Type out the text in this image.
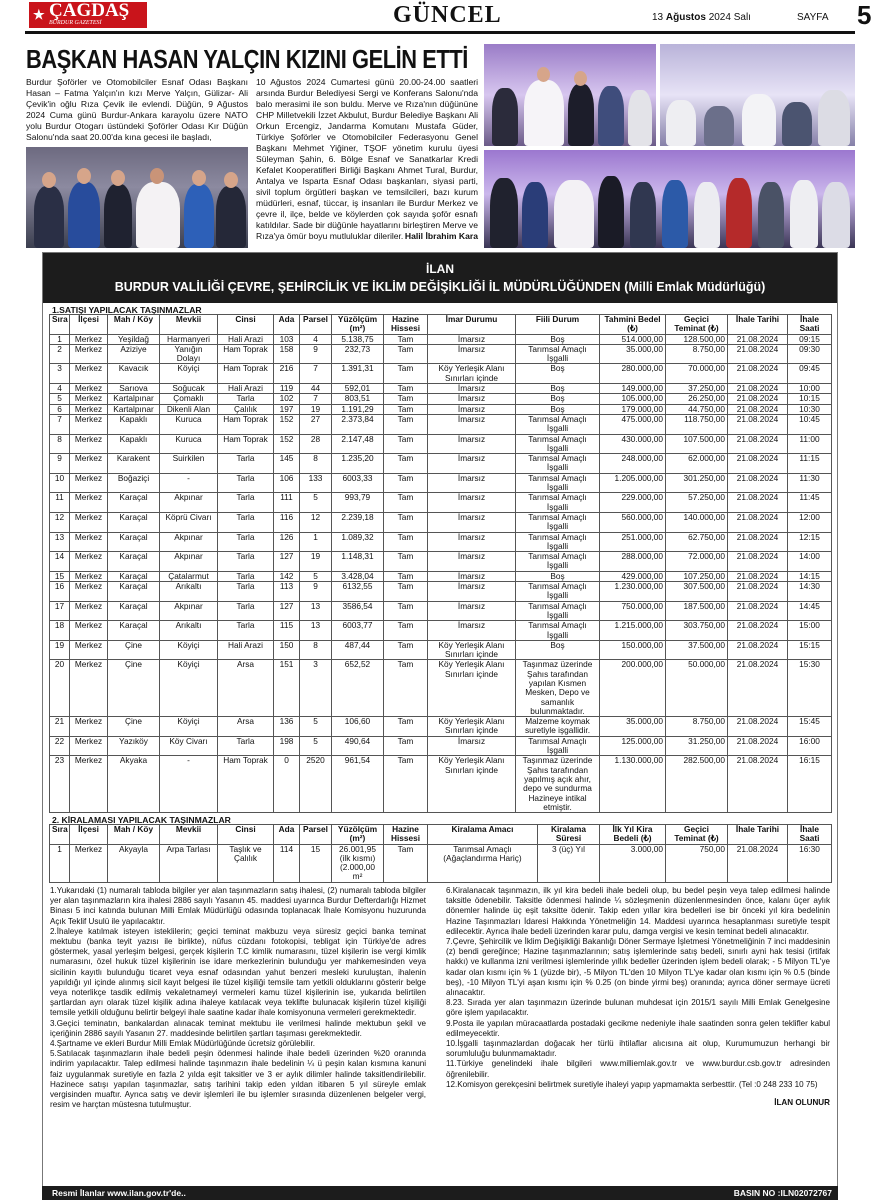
★ ÇAĞDAŞ
BURDUR GAZETESİ	GÜNCEL	13 Ağustos 2024 Salı	SAYFA 5
BAŞKAN HASAN YALÇIN KIZINI GELİN ETTİ
Burdur Şoförler ve Otomobilciler Esnaf Odası Başkanı Hasan – Fatma Yalçın'ın kızı Merve Yalçın, Gülizar- Ali Çevik'in oğlu Rıza Çevik ile evlendi. Düğün, 9 Ağustos 2024 Cuma günü Burdur-Ankara karayolu üzere NATO yolu Burdur Otogarı üstündeki Şoförler Odası Kır Düğün Salonu'nda saat 20.00'da kına gecesi ile başladı,
10 Ağustos 2024 Cumartesi günü 20.00-24.00 saatleri arsında Burdur Belediyesi Sergi ve Konferans Salonu'nda balo merasimi ile son buldu. Merve ve Rıza'nın düğününe CHP Milletvekili İzzet Akbulut, Burdur Belediye Başkanı Ali Orkun Ercengiz, Jandarma Komutanı Mustafa Güder, Türkiye Şoförler ve Otomobilciler Federasyonu Genel Başkanı Mehmet Yiğiner, TŞOF yönetim kurulu üyesi Süleyman Şahin, 6. Bölge Esnaf ve Sanatkarlar Kredi Kefalet Kooperatifleri Birliği Başkanı Ahmet Tural, Burdur, Antalya ve Isparta Esnaf Odası başkanları, siyasi parti, sivil toplum örgütleri başkan ve temsilcileri, bazı kurum müdürleri, esnaf, tüccar, iş insanları ile Burdur Merkez ve çevre il, ilçe, belde ve köylerden çok sayıda şoför esnafı katıldılar. Sade bir düğünle hayatlarını birleştiren Merve ve Rıza'ya ömür boyu mutluluklar dileriler. Halil İbrahim Kara
İLAN
BURDUR VALİLİĞİ ÇEVRE, ŞEHİRCİLİK VE İKLİM DEĞİŞİKLİĞİ İL MÜDÜRLÜĞÜNDEN (Milli Emlak Müdürlüğü)
1.SATIŞI YAPILACAK TAŞINMAZLAR
Sıra	İlçesi	Mah / Köy	Mevkii	Cinsi	Ada	Parsel	Yüzölçüm (m²)	Hazine Hissesi	İmar Durumu	Fiili Durum	Tahmini Bedel (₺)	Geçici Teminat (₺)	İhale Tarihi	İhale Saati
1	Merkez	Yeşildağ	Harmanyeri	Hali Arazi	103	4	5.138,75	Tam	İmarsız	Boş	514.000,00	128.500,00	21.08.2024	09:15
2	Merkez	Aziziye	Yanığın Dolayı	Ham Toprak	158	9	232,73	Tam	İmarsız	Tarımsal Amaçlı İşgalli	35.000,00	8.750,00	21.08.2024	09:30
3	Merkez	Kavacık	Köyiçi	Ham Toprak	216	7	1.391,31	Tam	Köy Yerleşik Alanı Sınırları içinde	Boş	280.000,00	70.000,00	21.08.2024	09:45
4	Merkez	Sarıova	Soğucak	Hali Arazi	119	44	592,01	Tam	İmarsız	Boş	149.000,00	37.250,00	21.08.2024	10:00
5	Merkez	Kartalpınar	Çomaklı	Tarla	102	7	803,51	Tam	İmarsız	Boş	105.000,00	26.250,00	21.08.2024	10:15
6	Merkez	Kartalpınar	Dikenli Alan	Çalılık	197	19	1.191,29	Tam	İmarsız	Boş	179.000,00	44.750,00	21.08.2024	10:30
7	Merkez	Kapaklı	Kuruca	Ham Toprak	152	27	2.373,84	Tam	İmarsız	Tarımsal Amaçlı İşgalli	475.000,00	118.750,00	21.08.2024	10:45
8	Merkez	Kapaklı	Kuruca	Ham Toprak	152	28	2.147,48	Tam	İmarsız	Tarımsal Amaçlı İşgalli	430.000,00	107.500,00	21.08.2024	11:00
9	Merkez	Karakent	Suirkilen	Tarla	145	8	1.235,20	Tam	İmarsız	Tarımsal Amaçlı İşgalli	248.000,00	62.000,00	21.08.2024	11:15
10	Merkez	Boğaziçi	-	Tarla	106	133	6003,33	Tam	İmarsız	Tarımsal Amaçlı İşgalli	1.205.000,00	301.250,00	21.08.2024	11:30
11	Merkez	Karaçal	Akpınar	Tarla	111	5	993,79	Tam	İmarsız	Tarımsal Amaçlı İşgalli	229.000,00	57.250,00	21.08.2024	11:45
12	Merkez	Karaçal	Köprü Civarı	Tarla	116	12	2.239,18	Tam	İmarsız	Tarımsal Amaçlı İşgalli	560.000,00	140.000,00	21.08.2024	12:00
13	Merkez	Karaçal	Akpınar	Tarla	126	1	1.089,32	Tam	İmarsız	Tarımsal Amaçlı İşgalli	251.000,00	62.750,00	21.08.2024	12:15
14	Merkez	Karaçal	Akpınar	Tarla	127	19	1.148,31	Tam	İmarsız	Tarımsal Amaçlı İşgalli	288.000,00	72.000,00	21.08.2024	14:00
15	Merkez	Karaçal	Çatalarmut	Tarla	142	5	3.428,04	Tam	İmarsız	Boş	429.000,00	107.250,00	21.08.2024	14:15
16	Merkez	Karaçal	Arıkaltı	Tarla	113	9	6132,55	Tam	İmarsız	Tarımsal Amaçlı İşgalli	1.230.000,00	307.500,00	21.08.2024	14:30
17	Merkez	Karaçal	Akpınar	Tarla	127	13	3586,54	Tam	İmarsız	Tarımsal Amaçlı İşgalli	750.000,00	187.500,00	21.08.2024	14:45
18	Merkez	Karaçal	Arıkaltı	Tarla	115	13	6003,77	Tam	İmarsız	Tarımsal Amaçlı İşgalli	1.215.000,00	303.750,00	21.08.2024	15:00
19	Merkez	Çine	Köyiçi	Hali Arazi	150	8	487,44	Tam	Köy Yerleşik Alanı Sınırları içinde	Boş	150.000,00	37.500,00	21.08.2024	15:15
20	Merkez	Çine	Köyiçi	Arsa	151	3	652,52	Tam	Köy Yerleşik Alanı Sınırları içinde	Taşınmaz üzerinde Şahıs tarafından yapılan Kısmen Mesken, Depo ve samanlık bulunmaktadır.	200.000,00	50.000,00	21.08.2024	15:30
21	Merkez	Çine	Köyiçi	Arsa	136	5	106,60	Tam	Köy Yerleşik Alanı Sınırları içinde	Malzeme koymak suretiyle işgallidir.	35.000,00	8.750,00	21.08.2024	15:45
22	Merkez	Yazıköy	Köy Civarı	Tarla	198	5	490,64	Tam	İmarsız	Tarımsal Amaçlı İşgalli	125.000,00	31.250,00	21.08.2024	16:00
23	Merkez	Akyaka	-	Ham Toprak	0	2520	961,54	Tam	Köy Yerleşik Alanı Sınırları içinde	Taşınmaz üzerinde Şahıs tarafından yapılmış açık ahır, depo ve sundurma Hazineye intikal etmiştir.	1.130.000,00	282.500,00	21.08.2024	16:15
2. KİRALAMASI YAPILACAK TAŞINMAZLAR
Sıra	İlçesi	Mah / Köy	Mevkii	Cinsi	Ada	Parsel	Yüzölçüm (m²)	Hazine Hissesi	Kiralama Amacı	Kiralama Süresi	İlk Yıl Kira Bedeli (₺)	Geçici Teminat (₺)	İhale Tarihi	İhale Saati
1	Merkez	Akyayla	Arpa Tarlası	Taşlık ve Çalılık	114	15	26.001,95 (ilk kısmı) (2.000,00 m²	Tam	Tarımsal Amaçlı (Ağaçlandırma Hariç)	3 (üç) Yıl	3.000,00	750,00	21.08.2024	16:30

1.Yukarıdaki (1) numaralı tabloda bilgiler yer alan taşınmazların satış ihalesi, (2) numaralı tabloda bilgiler yer alan taşınmazların kira ihalesi 2886 sayılı Yasanın 45. maddesi uyarınca Burdur Defterdarlığı Hizmet Binası 5 inci katında bulunan Milli Emlak Müdürlüğü odasında toplanacak İhale Komisyonu huzurunda Açık Teklif Usulü ile yapılacaktır.

2.İhaleye katılmak isteyen isteklilerin; geçici teminat makbuzu veya süresiz geçici banka teminat mektubu (banka teyit yazısı ile birlikte), nüfus cüzdanı fotokopisi, tebligat için Türkiye'de adres göstermek, yasal yerleşim belgesi, gerçek kişilerin T.C kimlik numarasını, tüzel kişilerin ise vergi kimlik numarasını, özel hukuk tüzel kişilerinin ise idare merkezlerinin bulunduğu yer mahkemesinden veya sicilinin kayıtlı bulunduğu ticaret veya esnaf odasından yahut benzeri mesleki kuruluştan, ihalenin yapıldığı yıl içinde alınmış sicil kayıt belgesi ile tüzel kişiliği temsile tam yetkili olduklarını gösterir belge veya noterlikçe tasdik edilmiş vekaletnameyi vermeleri kamu tüzel kişilerinin ise, yukarıda belirtilen şartlardan ayrı olarak tüzel kişilik adına ihaleye katılacak veya teklifte bulunacak kişilerin tüzel kişiliği temsile yetkili olduğunu belirtir belgeyi ihale saatine kadar ihale komisyonuna vermeleri gerekmektedir.

3.Geçici teminatın, bankalardan alınacak teminat mektubu ile verilmesi halinde mektubun şekil ve içeriğinin 2886 sayılı Yasanın 27. maddesinde belirtilen şartları taşıması gerekmektedir.

4.Şartname ve ekleri Burdur Milli Emlak Müdürlüğünde ücretsiz görülebilir.

5.Satılacak taşınmazların ihale bedeli peşin ödenmesi halinde ihale bedeli üzerinden %20 oranında indirim yapılacaktır. Talep edilmesi halinde taşınmazın ihale bedelinin ¼ ü peşin kalan kısmına kanuni faiz uygulanmak suretiyle en fazla 2 yılda eşit taksitler ve 3 er aylık dilimler halinde taksitlendirilebilir. Hazinece satışı yapılan taşınmazlar, satış tarihini takip eden yıldan itibaren 5 yıl süreyle emlak vergisinden muaftır. Ayrıca satış ve devir işlemleri ile bu işlemler sırasında düzenlenen belgeler vergi, resim ve harçtan müstesna tutulmuştur.

6.Kiralanacak taşınmazın, ilk yıl kira bedeli ihale bedeli olup, bu bedel peşin veya talep edilmesi halinde taksitle ödenebilir. Taksitle ödenmesi halinde ¼ sözleşmenin düzenlenmesinden önce, kalanı üçer aylık dönemler halinde üç eşit taksitte ödenir. Takip eden yıllar kira bedelleri ise bir önceki yıl kira bedelinin Hazine Taşınmazları İdaresi Hakkında Yönetmeliğin 14. Maddesi uyarınca hesaplanması suretiyle tespit edilecektir. Ayrıca ihale bedeli üzerinden karar pulu, damga vergisi ve kesin teminat bedeli alınacaktır.

7.Çevre, Şehircilik ve İklim Değişikliği Bakanlığı Döner Sermaye İşletmesi Yönetmeliğinin 7 inci maddesinin (z) bendi gereğince; Hazine taşınmazlarının; satış işlemlerinde satış bedeli, sınırlı ayni hak tesisi (irtifak hakkı) ve kullanma izni verilmesi işlemlerinde yıllık bedeller üzerinden işlem bedeli olarak; - 5 Milyon TL'ye kadar olan kısmı için % 1 (yüzde bir), -5 Milyon TL'den 10 Milyon TL'ye kadar olan kısmı için % 0.5 (binde beş), -10 Milyon TL'yi aşan kısmı için % 0.25 (on binde yirmi beş) oranında; ayrıca döner sermaye ücreti alınacaktır.

8.23. Sırada yer alan taşınmazın üzerinde bulunan muhdesat için 2015/1 sayılı Milli Emlak Genelgesine göre işlem yapılacaktır.

9.Posta ile yapılan müracaatlarda postadaki gecikme nedeniyle ihale saatinden sonra gelen teklifler kabul edilmeyecektir.

10.İşgalli taşınmazlardan doğacak her türlü ihtilaflar alıcısına ait olup, Kurumumuzun herhangi bir sorumluluğu bulunmamaktadır.

11.Türkiye genelindeki ihale bilgileri www.milliemlak.gov.tr ve www.burdur.csb.gov.tr adresinden öğrenilebilir.

12.Komisyon gerekçesini belirtmek suretiyle ihaleyi yapıp yapmamakta serbesttir. (Tel :0 248 233 10 75)

İLAN OLUNUR
Resmi İlanlar www.ilan.gov.tr'de..	BASIN NO :ILN02072767
